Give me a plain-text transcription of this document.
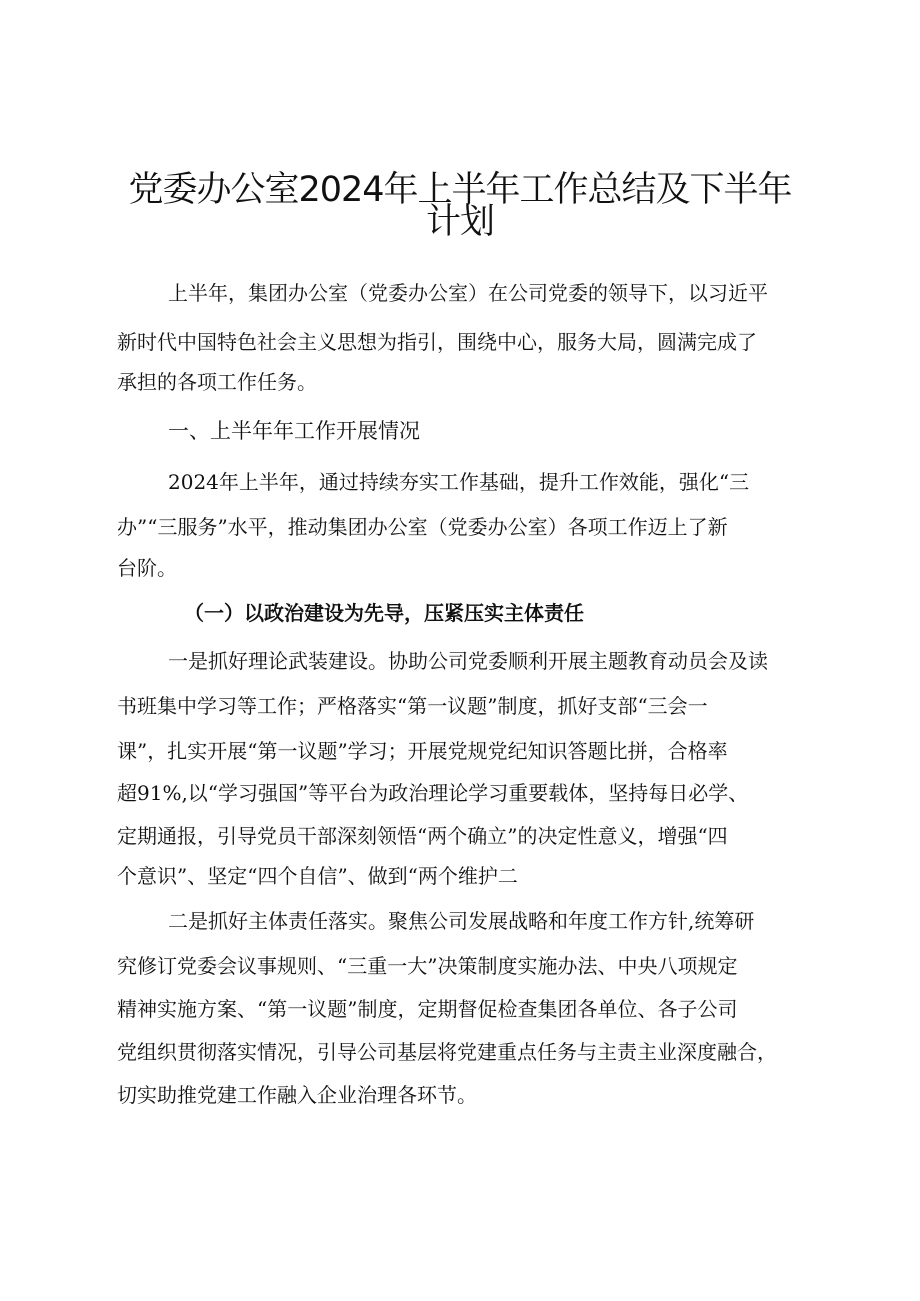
党委办公室2024年上半年工作总结及下半年
计划
上半年，集团办公室（党委办公室）在公司党委的领导下，以习近平
新时代中国特色社会主义思想为指引，围绕中心，服务大局，圆满完成了
承担的各项工作任务。
一、上半年年工作开展情况
2024年上半年，通过持续夯实工作基础，提升工作效能，强化“三
办”“三服务”水平，推动集团办公室（党委办公室）各项工作迈上了新
台阶。
（一）以政治建设为先导，压紧压实主体责任
一是抓好理论武装建设。协助公司党委顺利开展主题教育动员会及读
书班集中学习等工作；严格落实“第一议题”制度，抓好支部“三会一
课”，扎实开展“第一议题”学习；开展党规党纪知识答题比拼，合格率
超91%,以“学习强国”等平台为政治理论学习重要载体，坚持每日必学、
定期通报，引导党员干部深刻领悟“两个确立”的决定性意义，增强“四
个意识”、坚定“四个自信”、做到“两个维护二
二是抓好主体责任落实。聚焦公司发展战略和年度工作方针,统筹研
究修订党委会议事规则、“三重一大”决策制度实施办法、中央八项规定
精神实施方案、“第一议题”制度，定期督促检查集团各单位、各子公司
党组织贯彻落实情况，引导公司基层将党建重点任务与主责主业深度融合，
切实助推党建工作融入企业治理各环节。
